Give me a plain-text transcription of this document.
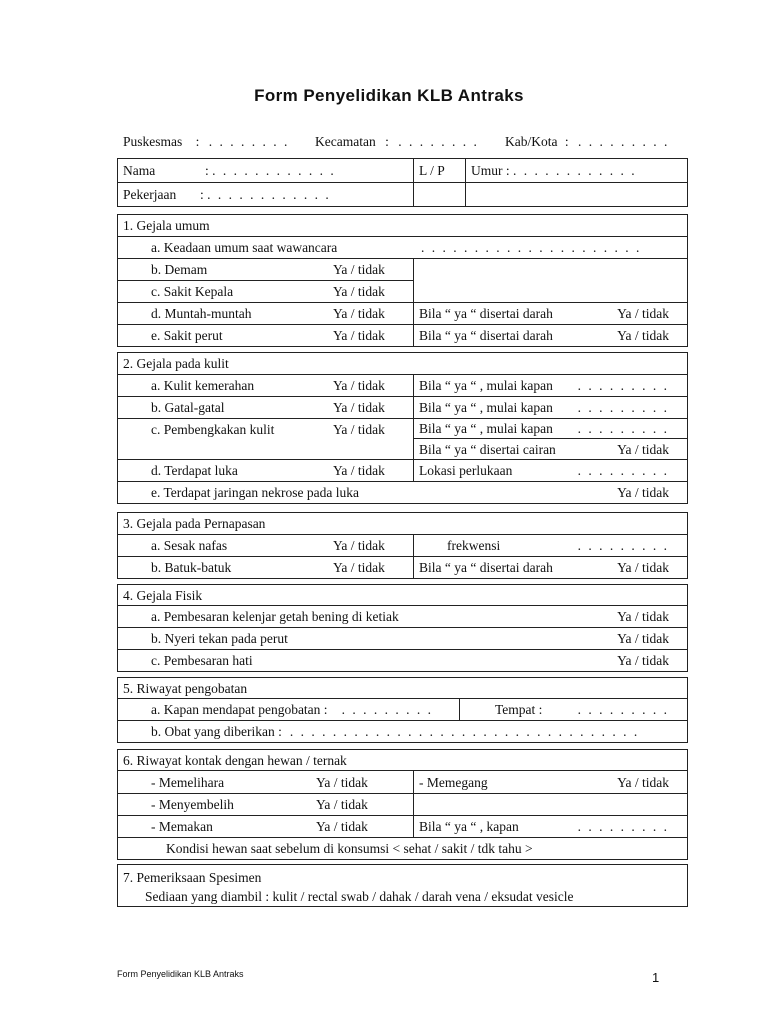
Form Penyelidikan KLB Antraks
Puskesmas : . . . . . . . . Kecamatan : . . . . . . . . Kab/Kota : . . . . . . . . .
Nama : . . . . . . . . . . . .	L / P	Umur : . . . . . . . . . . . .
Pekerjaan : . . . . . . . . . . . .		
1. Gejala umum	
a. Keadaan umum saat wawancara . . . . . . . . . . . . . . . . . . . . .	
b. Demam Ya / tidak	
c. Sakit Kepala Ya / tidak	
d. Muntah-muntah Ya / tidak	Bila “ ya “ disertai darah Ya / tidak

e. Sakit perut Ya / tidak	Bila “ ya “ disertai darah Ya / tidak
2. Gejala pada kulit	
a. Kulit kemerahan Ya / tidak	Bila “ ya “ , mulai kapan . . . . . . . . .

b. Gatal-gatal Ya / tidak	Bila “ ya “ , mulai kapan . . . . . . . . .

c. Pembengkakan kulit Ya / tidak	Bila “ ya “ , mulai kapan . . . . . . . . .
Bila “ ya “ disertai cairan Ya / tidak

d. Terdapat luka Ya / tidak	Lokasi perlukaan . . . . . . . . .

e. Terdapat jaringan nekrose pada luka Ya / tidak	
3. Gejala pada Pernapasan	
a. Sesak nafas Ya / tidak	frekwensi . . . . . . . . .

b. Batuk-batuk Ya / tidak	Bila “ ya “ disertai darah Ya / tidak
4. Gejala Fisik

a. Pembesaran kelenjar getah bening di ketiak	Ya / tidak

b. Nyeri tekan pada perut	Ya / tidak

c. Pembesaran hati	Ya / tidak
5. Riwayat pengobatan
a. Kapan mendapat pengobatan : . . . . . . . . .	Tempat :	. . . . . . . . .

b. Obat yang diberikan : . . . . . . . . . . . . . . . . . . . . . . . . . . . . . . . . .
6. Riwayat kontak dengan hewan / ternak	
- Memelihara Ya / tidak	- Memegang Ya / tidak

- Menyembelih Ya / tidak	
- Memakan Ya / tidak	Bila “ ya “ , kapan . . . . . . . . .

Kondisi hewan saat sebelum di konsumsi < sehat / sakit / tdk tahu >	
7. Pemeriksaan Spesimen
Sediaan yang diambil : kulit / rectal swab / dahak / darah vena / eksudat vesicle
Form Penyelidikan KLB Antraks	1
